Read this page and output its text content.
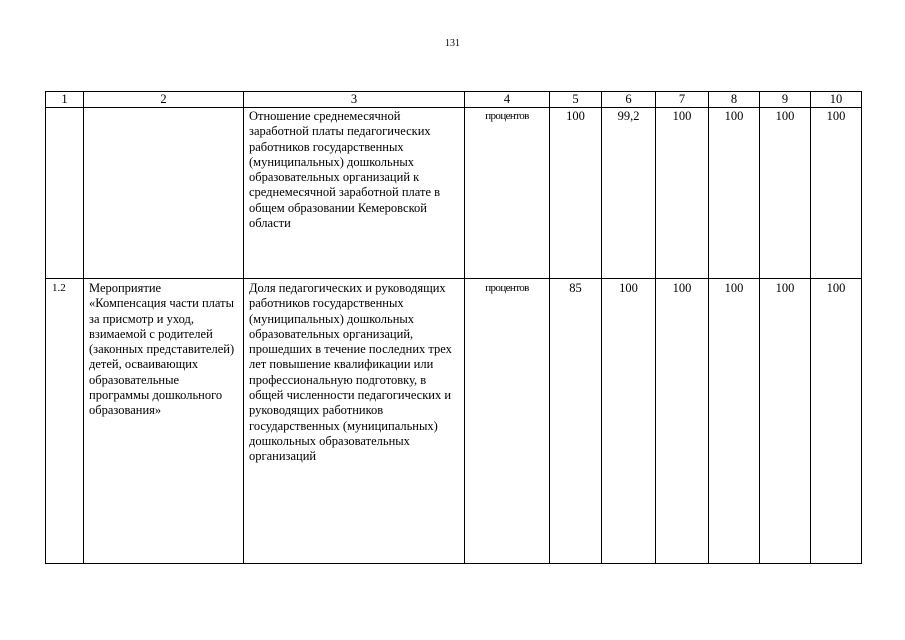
131
1	2	3	4	5	6	7	8	9	10
		Отношение среднемесячной заработной платы педагогических работников государственных (муниципальных) дошкольных образовательных организаций к среднемесячной заработной плате в общем образовании Кемеровской области	процентов	100	99,2	100	100	100	100
1.2	Мероприятие «Компенсация части платы за присмотр и уход, взимаемой с родителей (законных представителей) детей, осваивающих образовательные программы дошкольного образования»	Доля педагогических и руководящих работников государственных (муниципальных) дошкольных образовательных организаций, прошедших в течение последних трех лет повышение квалификации или профессиональную подготовку, в общей численности педагогических и руководящих работников государственных (муниципальных) дошкольных образовательных организаций	процентов	85	100	100	100	100	100
